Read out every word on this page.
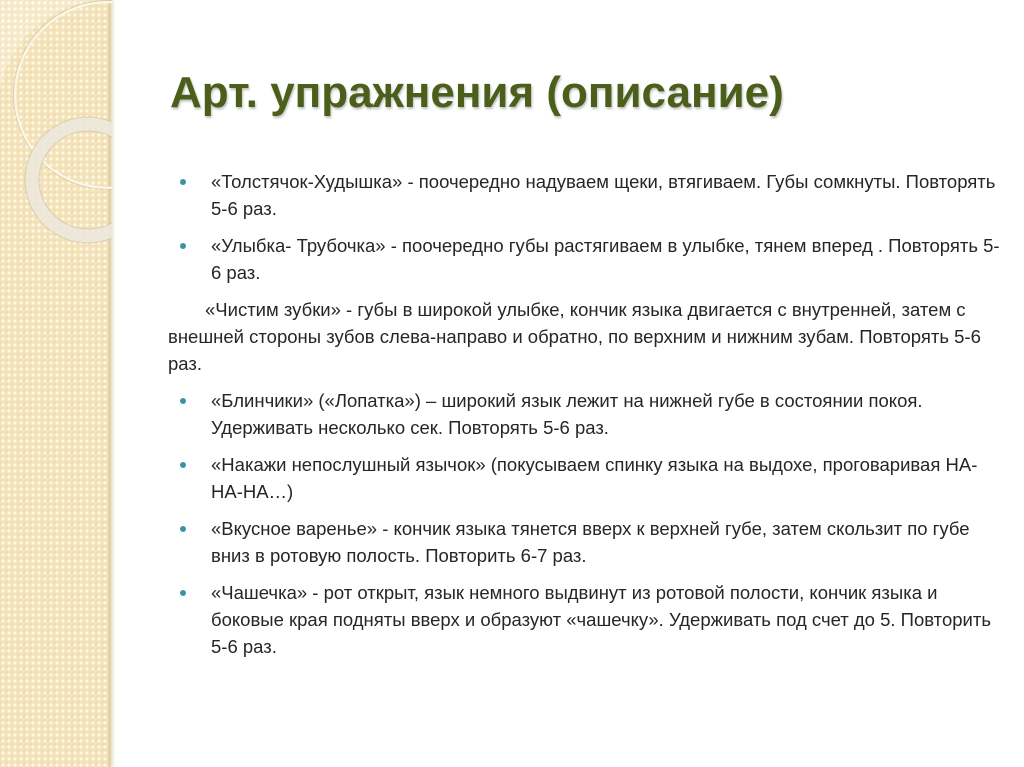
Арт. упражнения (описание)
«Толстячок-Худышка» - поочередно надуваем щеки, втягиваем. Губы сомкнуты. Повторять 5-6 раз.
«Улыбка- Трубочка» - поочередно губы растягиваем в улыбке, тянем вперед . Повторять 5-6 раз.
«Чистим зубки» - губы в широкой улыбке, кончик языка двигается с внутренней, затем с внешней стороны зубов слева-направо и обратно, по верхним и нижним зубам. Повторять 5-6 раз.
«Блинчики» («Лопатка») – широкий язык лежит на нижней губе в состоянии покоя. Удерживать несколько сек. Повторять 5-6 раз.
«Накажи непослушный язычок» (покусываем спинку языка на выдохе, проговаривая НА-НА-НА…)
«Вкусное варенье» - кончик языка тянется вверх к верхней губе, затем скользит по губе вниз в ротовую полость. Повторить 6-7 раз.
«Чашечка» - рот открыт, язык немного выдвинут из ротовой полости, кончик языка и боковые края подняты вверх и образуют «чашечку». Удерживать под счет до 5. Повторить 5-6 раз.
